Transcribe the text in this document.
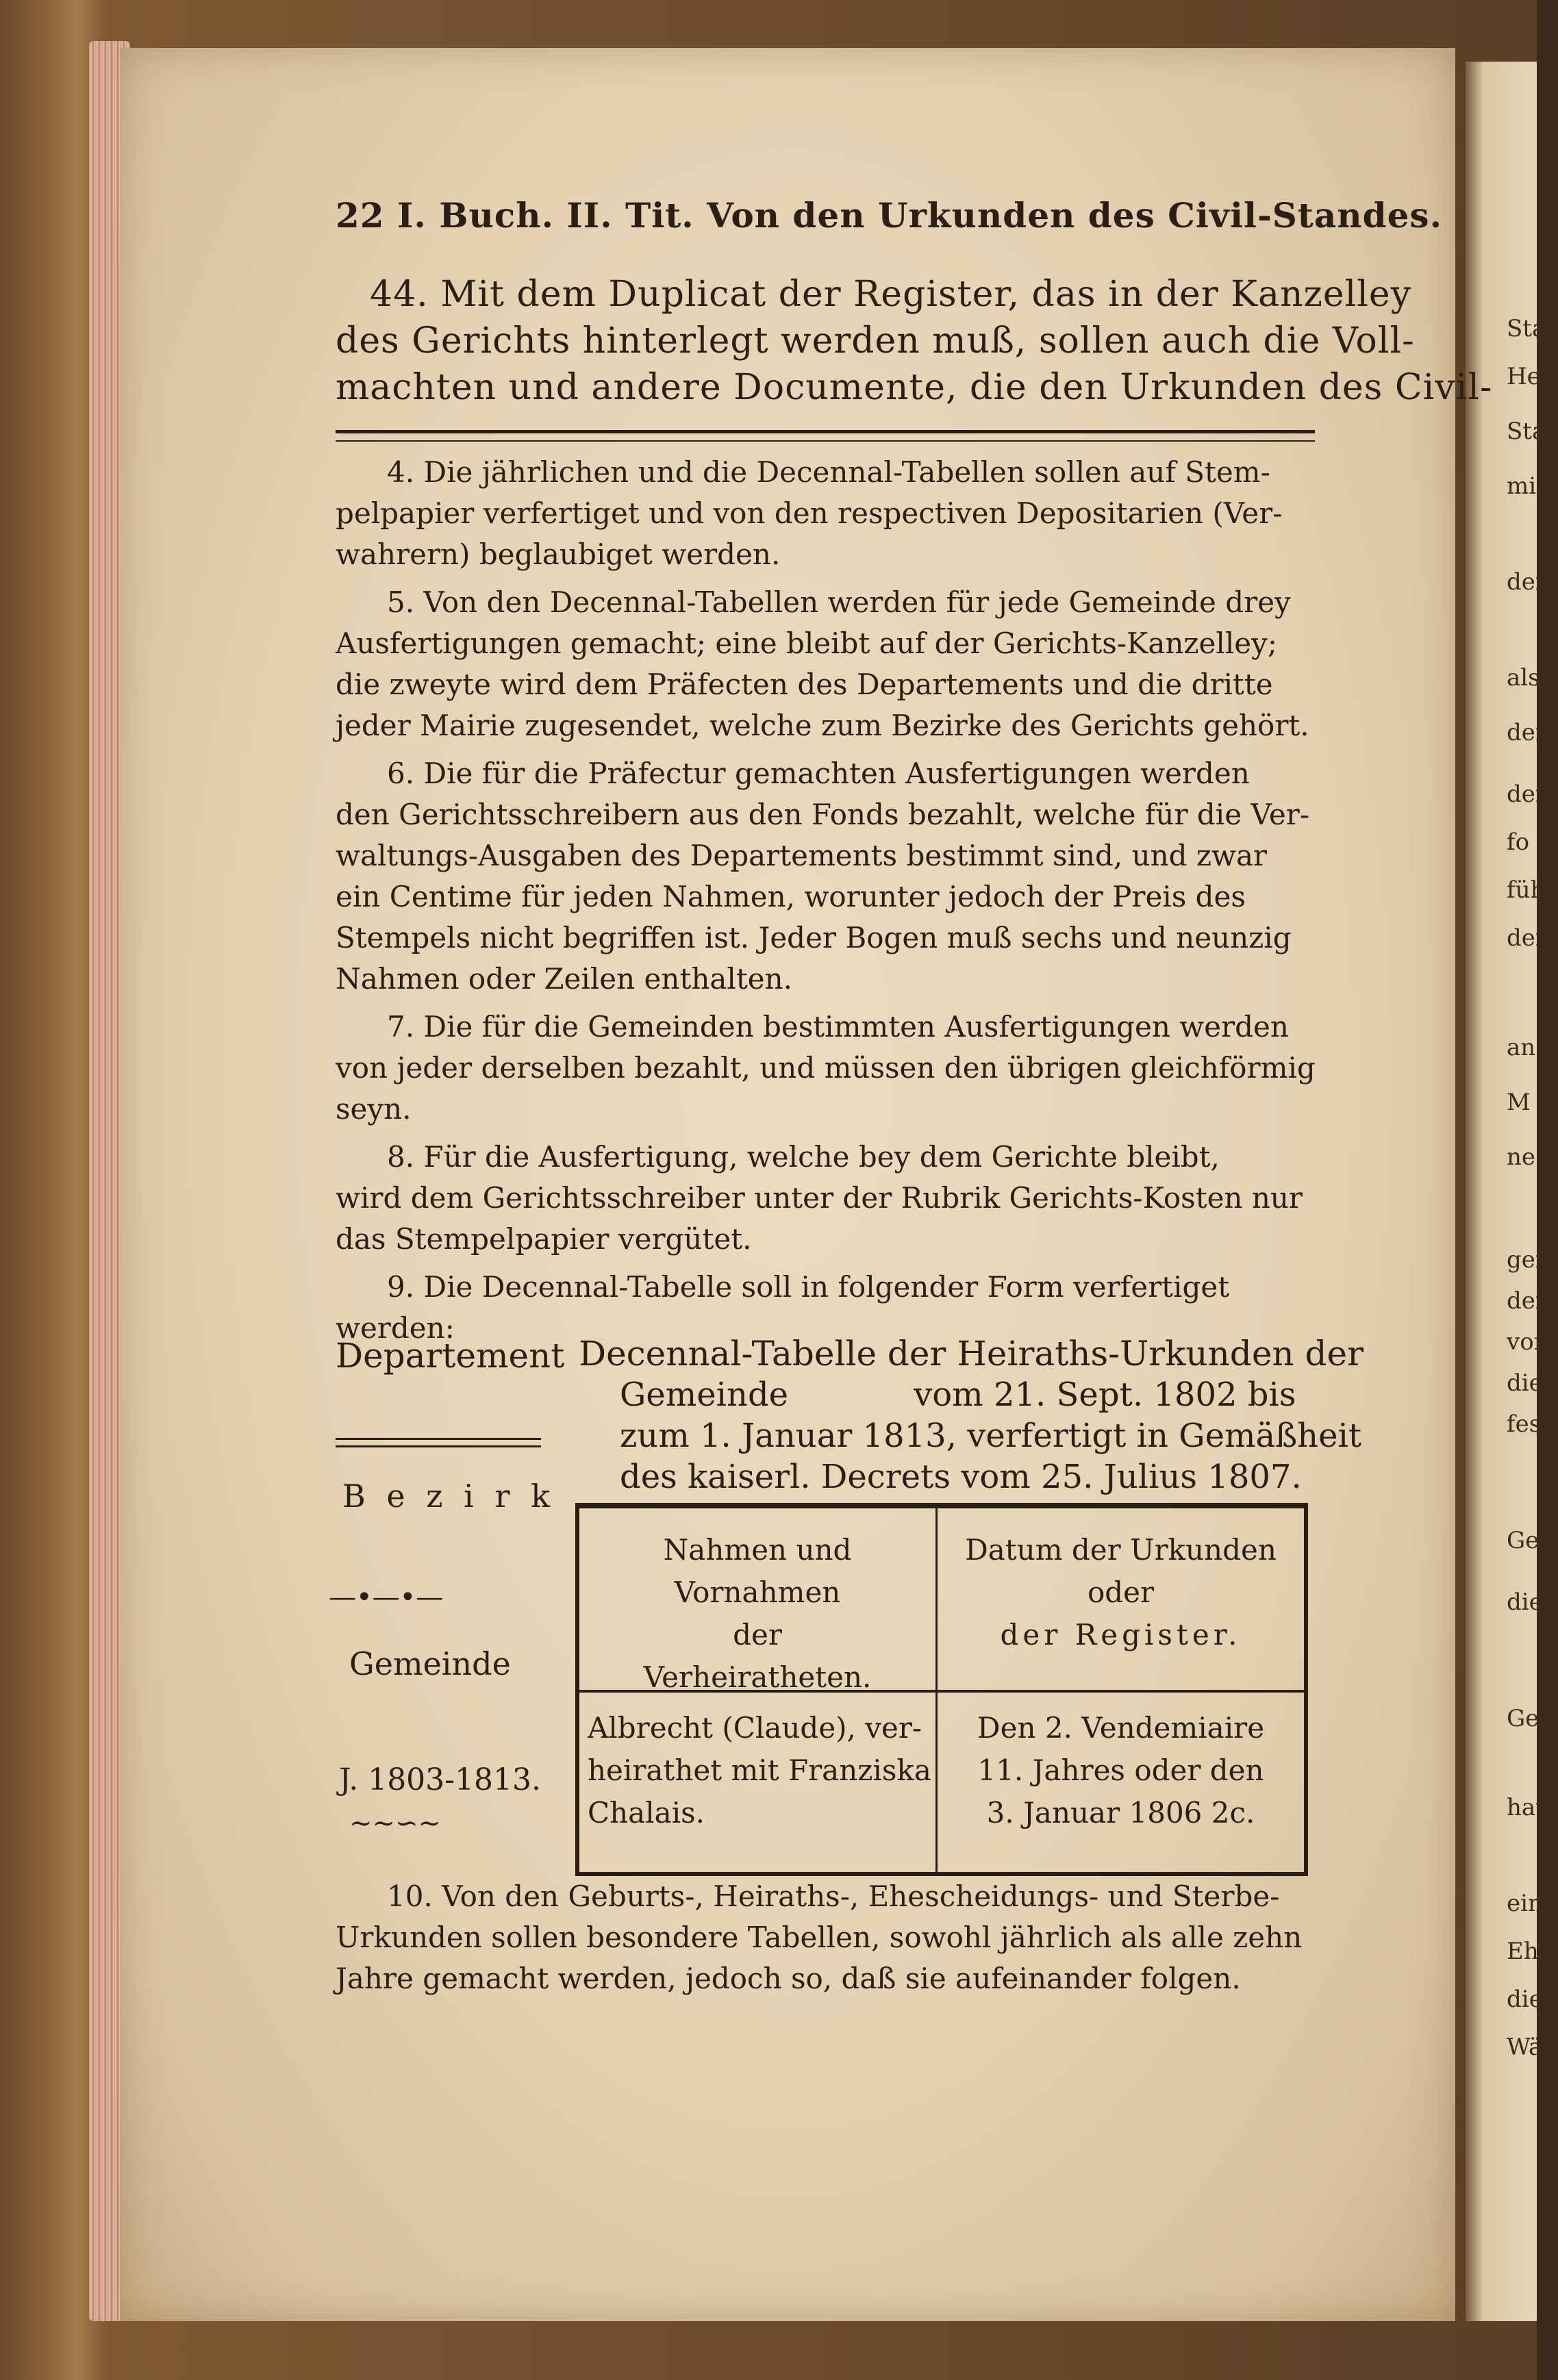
Sta
Hei
Sta
mit
den
als
der
den
fo
führ
den.
ans
M
ne
gen
den
von
die
fes
Ge
die
Ge
hat
eine
Eh
die
Wäl
22 I. Buch. II. Tit. Von den Urkunden des Civil-Standes.
44. Mit dem Duplicat der Register, das in der Kanzelley
des Gerichts hinterlegt werden muß, sollen auch die Voll-
machten und andere Documente, die den Urkunden des Civil-
4. Die jährlichen und die Decennal-Tabellen sollen auf Stem-
pelpapier verfertiget und von den respectiven Depositarien (Ver-
wahrern) beglaubiget werden.
5. Von den Decennal-Tabellen werden für jede Gemeinde drey
Ausfertigungen gemacht; eine bleibt auf der Gerichts-Kanzelley;
die zweyte wird dem Präfecten des Departements und die dritte
jeder Mairie zugesendet, welche zum Bezirke des Gerichts gehört.
6. Die für die Präfectur gemachten Ausfertigungen werden
den Gerichtsschreibern aus den Fonds bezahlt, welche für die Ver-
waltungs-Ausgaben des Departements bestimmt sind, und zwar
ein Centime für jeden Nahmen, worunter jedoch der Preis des
Stempels nicht begriffen ist. Jeder Bogen muß sechs und neunzig
Nahmen oder Zeilen enthalten.
7. Die für die Gemeinden bestimmten Ausfertigungen werden
von jeder derselben bezahlt, und müssen den übrigen gleichförmig
seyn.
8. Für die Ausfertigung, welche bey dem Gerichte bleibt,
wird dem Gerichtsschreiber unter der Rubrik Gerichts-Kosten nur
das Stempelpapier vergütet.
9. Die Decennal-Tabelle soll in folgender Form verfertiget
werden:
Departement
B e z i r k
—•—•—
Gemeinde
J. 1803-1813.
∼∼∽∼
Decennal-Tabelle der Heiraths-Urkunden der
Gemeinde            vom 21. Sept. 1802 bis
zum 1. Januar 1813, verfertigt in Gemäßheit
des kaiserl. Decrets vom 25. Julius 1807.
Nahmen und Vornahmen
der
Verheiratheten.
Datum der Urkunden
oder
der Register.
Albrecht (Claude), ver-
heirathet mit Franziska
Chalais.
Den 2. Vendemiaire
11. Jahres oder den
3. Januar 1806 2c.
10. Von den Geburts-, Heiraths-, Ehescheidungs- und Sterbe-
Urkunden sollen besondere Tabellen, sowohl jährlich als alle zehn
Jahre gemacht werden, jedoch so, daß sie aufeinander folgen.
